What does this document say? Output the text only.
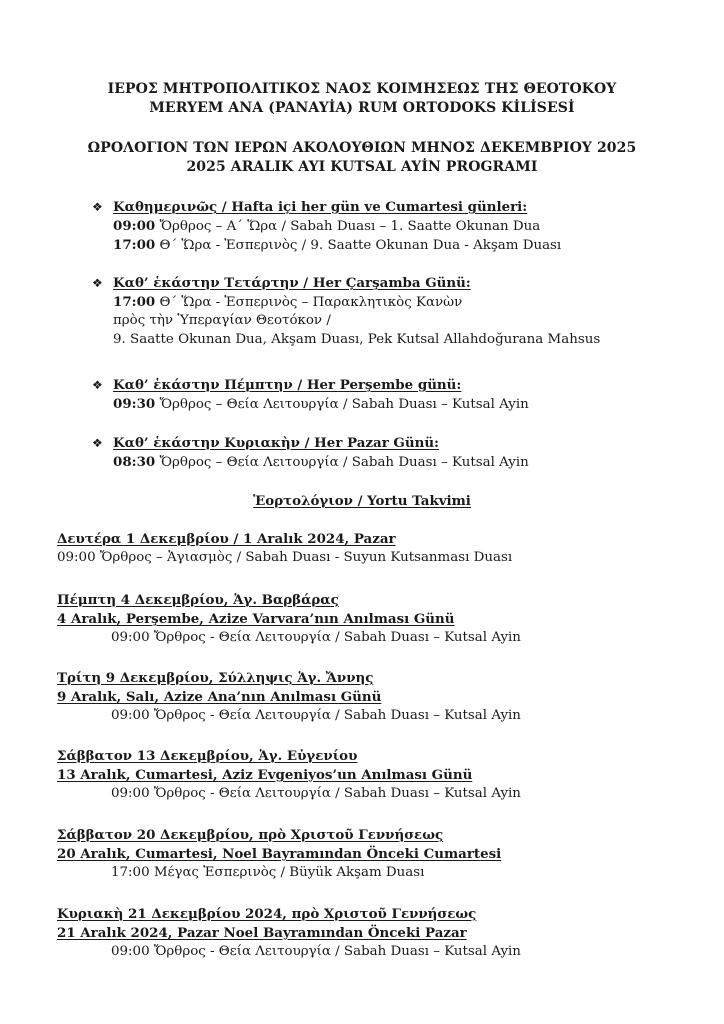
ΙΕΡΟΣ ΜΗΤΡΟΠΟΛΙΤΙΚΟΣ ΝΑΟΣ ΚΟΙΜΗΣΕΩΣ ΤΗΣ ΘΕΟΤΟΚΟΥ
MERYEM ANA (PANAYİA) RUM ORTODOKS KİLİSESİ
ΩΡΟΛΟΓΙΟΝ ΤΩΝ ΙΕΡΩΝ ΑΚΟΛΟΥΘΙΩΝ ΜΗΝΟΣ ΔΕΚΕΜΒΡΙΟΥ 2025
2025 ARALIK AYI KUTSAL AYİN PROGRAMI
❖ Καθημερινῶς / Hafta içi her gün ve Cumartesi günleri:
09:00 Ὄρθρος – Α΄ Ὥρα / Sabah Duası – 1. Saatte Okunan Dua
17:00 Θ΄ Ὥρα - Ἑσπερινὸς / 9. Saatte Okunan Dua - Akşam Duası
❖ Καθ’ ἑκάστην Τετάρτην / Her Çarşamba Günü:
17:00 Θ΄ Ὥρα - Ἑσπερινὸς – Παρακλητικὸς Κανὼν
πρὸς τὴν Ὑπεραγίαν Θεοτόκον /
9. Saatte Okunan Dua, Akşam Duası, Pek Kutsal Allahdoğurana Mahsus
❖ Καθ’ ἑκάστην Πέμπτην / Her Perşembe günü:
09:30 Ὄρθρος – Θεία Λειτουργία / Sabah Duası – Kutsal Ayin
❖ Καθ’ ἑκάστην Κυριακὴν / Her Pazar Günü:
08:30 Ὄρθρος – Θεία Λειτουργία / Sabah Duası – Kutsal Ayin
Ἑορτολόγιον / Yortu Takvimi
Δευτέρα 1 Δεκεμβρίου / 1 Aralık 2024, Pazar
09:00 Ὄρθρος – Ἁγιασμὸς / Sabah Duası - Suyun Kutsanması Duası
Πέμπτη 4 Δεκεμβρίου, Ἁγ. Βαρβάρας
4 Aralık, Perşembe, Azize Varvara’nın Anılması Günü
09:00 Ὄρθρος - Θεία Λειτουργία / Sabah Duası – Kutsal Ayin
Τρίτη 9 Δεκεμβρίου, Σύλληψις Ἁγ. Ἄννης
9 Aralık, Salı, Azize Ana’nın Anılması Günü
09:00 Ὄρθρος - Θεία Λειτουργία / Sabah Duası – Kutsal Ayin
Σάββατον 13 Δεκεμβρίου, Ἁγ. Εὐγενίου
13 Aralık, Cumartesi, Aziz Evgeniyos’un Anılması Günü
09:00 Ὄρθρος - Θεία Λειτουργία / Sabah Duası – Kutsal Ayin
Σάββατον 20 Δεκεμβρίου, πρὸ Χριστοῦ Γεννήσεως
20 Aralık, Cumartesi, Noel Bayramından Önceki Cumartesi
17:00 Μέγας Ἑσπερινὸς / Büyük Akşam Duası
Κυριακὴ 21 Δεκεμβρίου 2024, πρὸ Χριστοῦ Γεννήσεως
21 Aralık 2024, Pazar Noel Bayramından Önceki Pazar
09:00 Ὄρθρος - Θεία Λειτουργία / Sabah Duası – Kutsal Ayin
